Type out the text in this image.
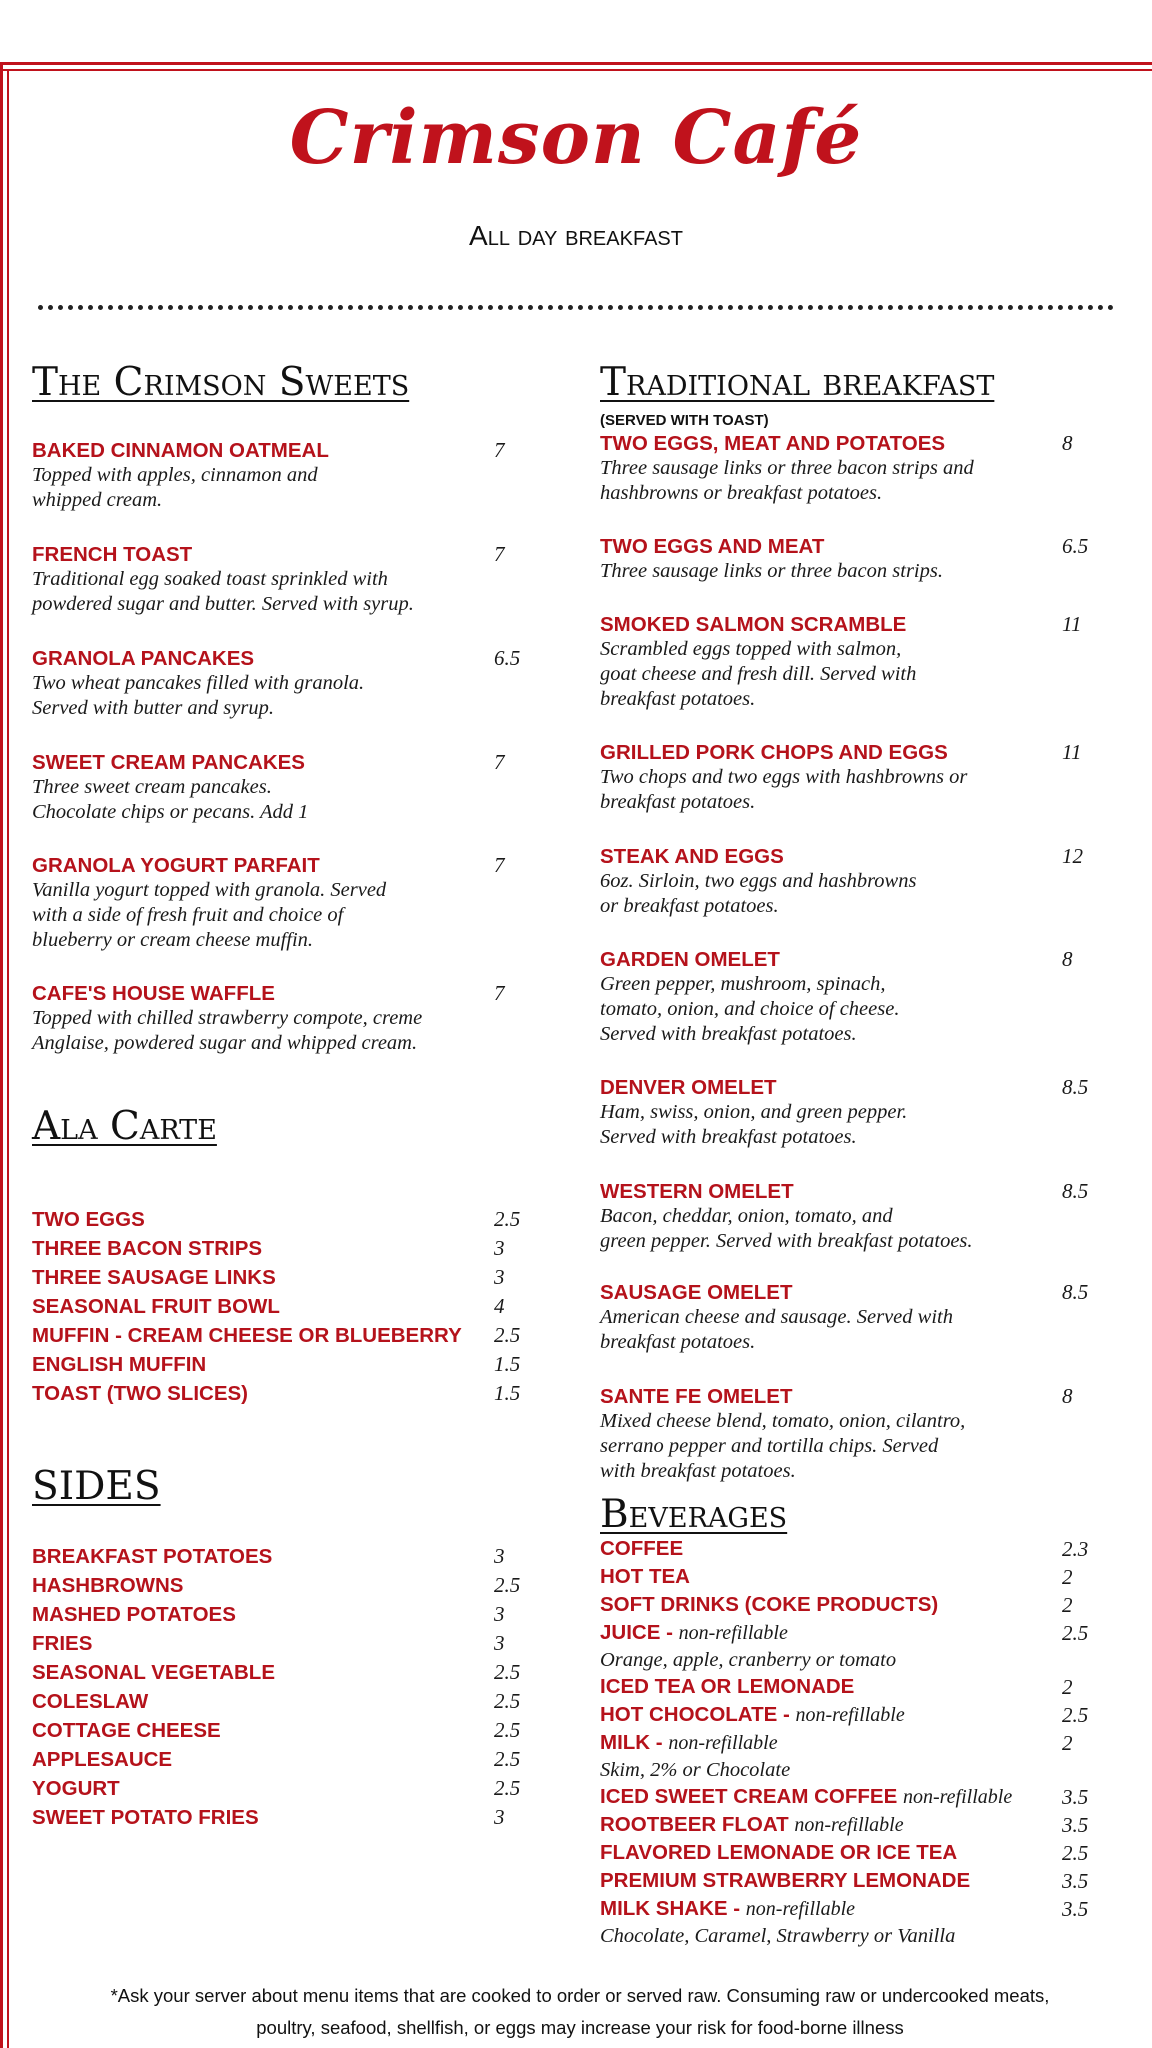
Crimson Café
All day breakfast
The Crimson Sweets
BAKED CINNAMON OATMEAL	7
Topped with apples, cinnamon and
whipped cream.
FRENCH TOAST	7
Traditional egg soaked toast sprinkled with
powdered sugar and butter. Served with syrup.
GRANOLA PANCAKES	6.5
Two wheat pancakes filled with granola.
Served with butter and syrup.
SWEET CREAM PANCAKES	7
Three sweet cream pancakes.
Chocolate chips or pecans. Add 1
GRANOLA YOGURT PARFAIT	7
Vanilla yogurt topped with granola. Served
with a side of fresh fruit and choice of
blueberry or cream cheese muffin.
CAFE'S HOUSE WAFFLE	7
Topped with chilled strawberry compote, creme
Anglaise, powdered sugar and whipped cream.
Ala Carte
TWO EGGS	2.5
THREE BACON STRIPS	3
THREE SAUSAGE LINKS	3
SEASONAL FRUIT BOWL	4
MUFFIN - CREAM CHEESE OR BLUEBERRY	2.5
ENGLISH MUFFIN	1.5
TOAST (TWO SLICES)	1.5
SIDES
BREAKFAST POTATOES	3
HASHBROWNS	2.5
MASHED POTATOES	3
FRIES	3
SEASONAL VEGETABLE	2.5
COLESLAW	2.5
COTTAGE CHEESE	2.5
APPLESAUCE	2.5
YOGURT	2.5
SWEET POTATO FRIES	3
Traditional breakfast
(SERVED WITH TOAST)
TWO EGGS, MEAT AND POTATOES	8
Three sausage links or three bacon strips and
hashbrowns or breakfast potatoes.
TWO EGGS AND MEAT	6.5
Three sausage links or three bacon strips.
SMOKED SALMON SCRAMBLE	11
Scrambled eggs topped with salmon,
goat cheese and fresh dill. Served with
breakfast potatoes.
GRILLED PORK CHOPS AND EGGS	11
Two chops and two eggs with hashbrowns or
breakfast potatoes.
STEAK AND EGGS	12
6oz. Sirloin, two eggs and hashbrowns
or breakfast potatoes.
GARDEN OMELET	8
Green pepper, mushroom, spinach,
tomato, onion, and choice of cheese.
Served with breakfast potatoes.
DENVER OMELET	8.5
Ham, swiss, onion, and green pepper.
Served with breakfast potatoes.
WESTERN OMELET	8.5
Bacon, cheddar, onion, tomato, and
green pepper. Served with breakfast potatoes.
SAUSAGE OMELET	8.5
American cheese and sausage. Served with
breakfast potatoes.
SANTE FE OMELET	8
Mixed cheese blend, tomato, onion, cilantro,
serrano pepper and tortilla chips. Served
with breakfast potatoes.
Beverages
COFFEE	2.3
HOT TEA	2
SOFT DRINKS (COKE PRODUCTS)	2
JUICE - non-refillable	2.5
Orange, apple, cranberry or tomato
ICED TEA OR LEMONADE	2
HOT CHOCOLATE - non-refillable	2.5
MILK - non-refillable	2
Skim, 2% or Chocolate
ICED SWEET CREAM COFFEE non-refillable	3.5
ROOTBEER FLOAT non-refillable	3.5
FLAVORED LEMONADE OR ICE TEA	2.5
PREMIUM STRAWBERRY LEMONADE	3.5
MILK SHAKE - non-refillable	3.5
Chocolate, Caramel, Strawberry or Vanilla
*Ask your server about menu items that are cooked to order or served raw. Consuming raw or undercooked meats,
poultry, seafood, shellfish, or eggs may increase your risk for food-borne illness
